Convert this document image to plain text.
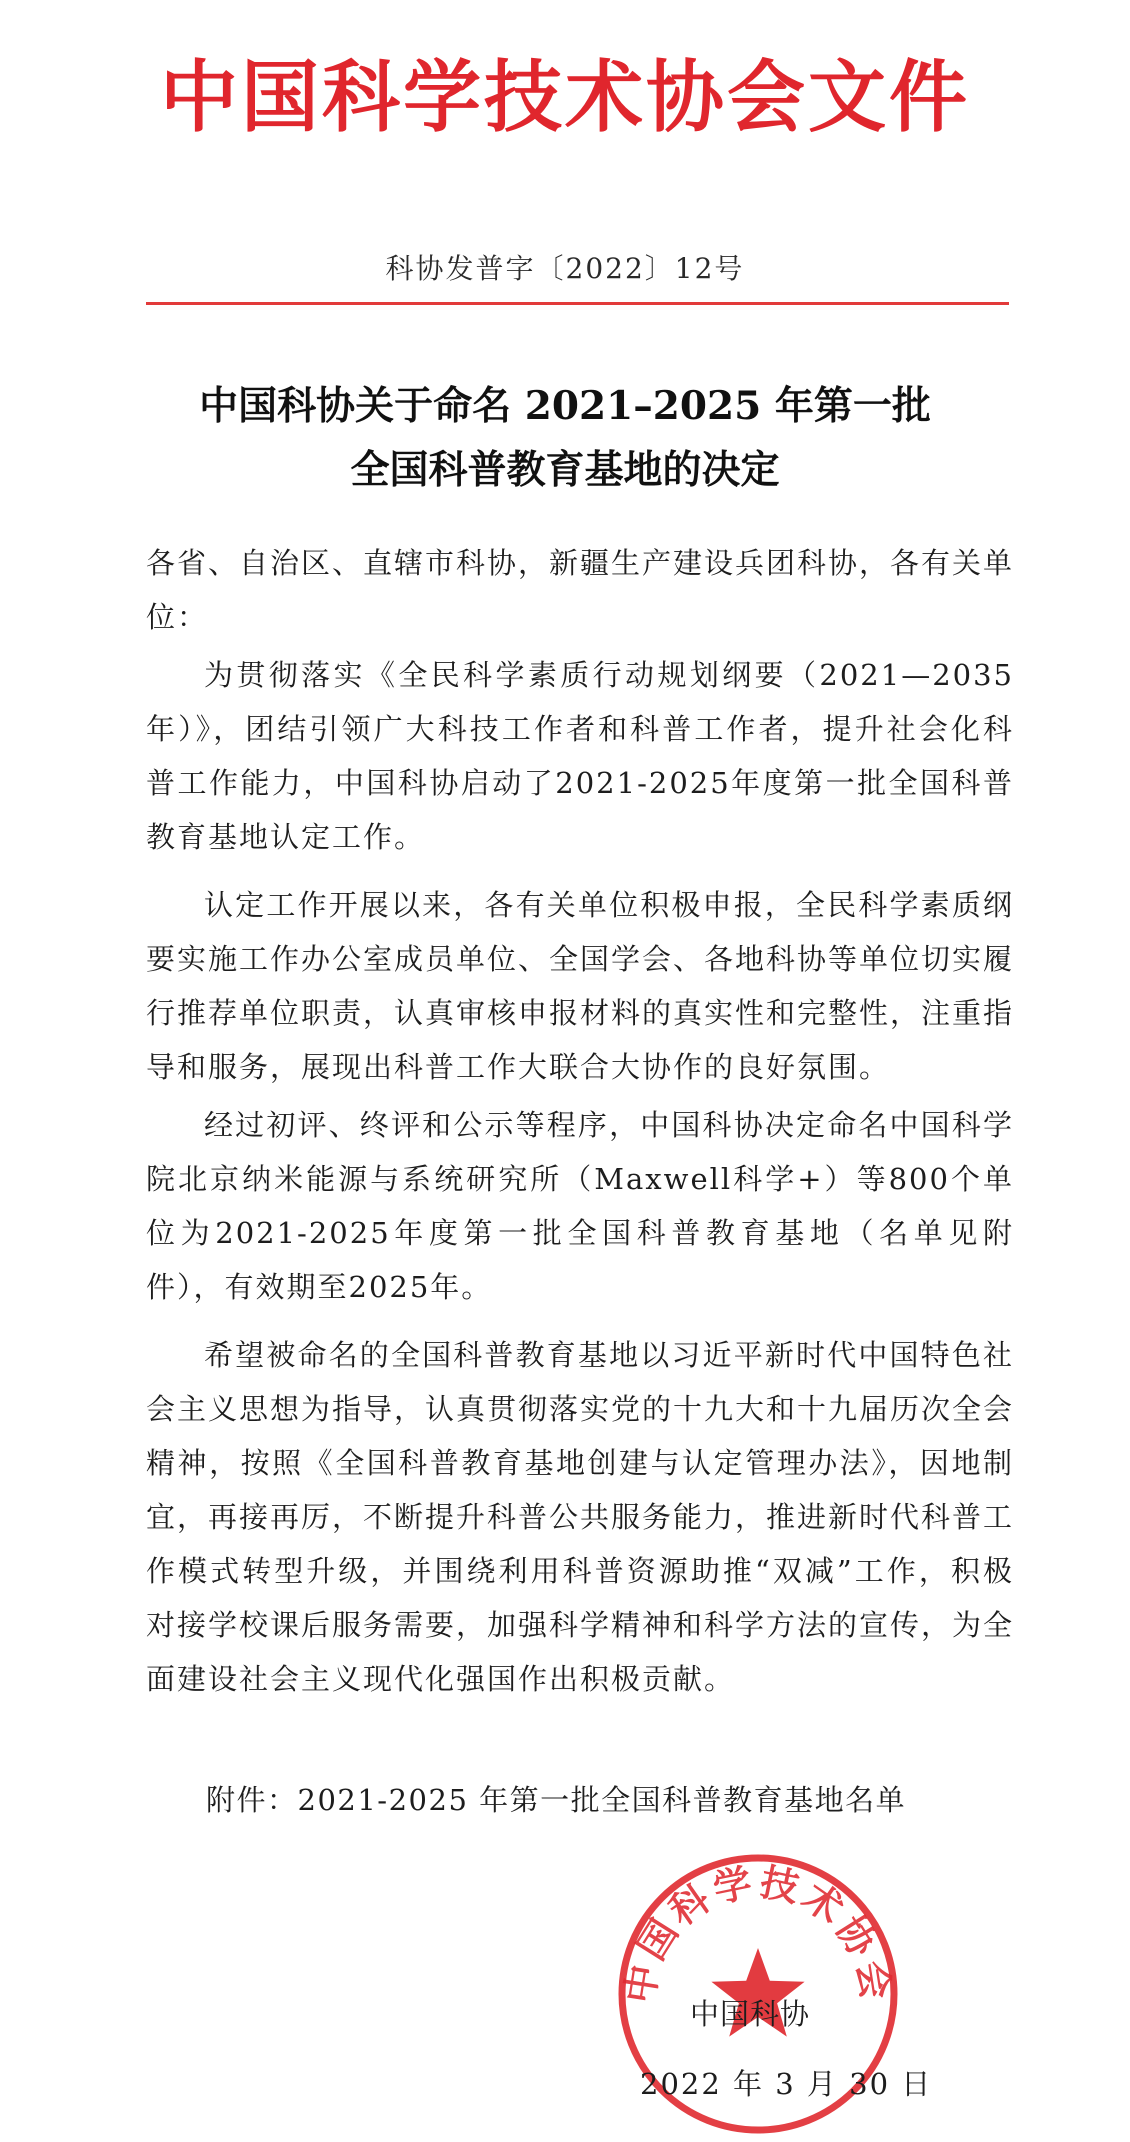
中国科学技术协会文件
科协发普字〔2022〕12号
中国科协关于命名 2021–2025 年第一批
全国科普教育基地的决定

各省、自治区、直辖市科协，新疆生产建设兵团科协，各有关单位：

为贯彻落实《全民科学素质行动规划纲要（2021—2035年）》，团结引领广大科技工作者和科普工作者，提升社会化科普工作能力，中国科协启动了2021-2025年度第一批全国科普教育基地认定工作。

认定工作开展以来，各有关单位积极申报，全民科学素质纲要实施工作办公室成员单位、全国学会、各地科协等单位切实履行推荐单位职责，认真审核申报材料的真实性和完整性，注重指导和服务，展现出科普工作大联合大协作的良好氛围。

经过初评、终评和公示等程序，中国科协决定命名中国科学院北京纳米能源与系统研究所（Maxwell科学+）等800个单位为2021-2025年度第一批全国科普教育基地（名单见附件），有效期至2025年。

希望被命名的全国科普教育基地以习近平新时代中国特色社会主义思想为指导，认真贯彻落实党的十九大和十九届历次全会精神，按照《全国科普教育基地创建与认定管理办法》，因地制宜，再接再厉，不断提升科普公共服务能力，推进新时代科普工作模式转型升级，并围绕利用科普资源助推“双减”工作，积极对接学校课后服务需要，加强科学精神和科学方法的宣传，为全面建设社会主义现代化强国作出积极贡献。

附件：2021-2025 年第一批全国科普教育基地名单
中国科学技术协会
中国科协
2022 年 3 月 30 日
